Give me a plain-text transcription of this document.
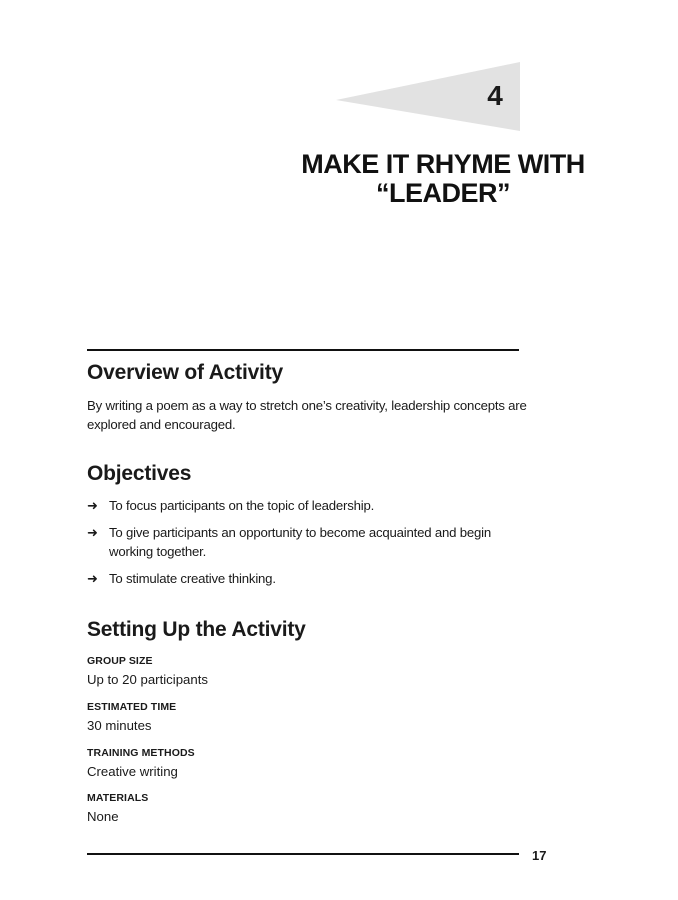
4

MAKE IT RHYME WITH “LEADER”
Overview of Activity

By writing a poem as a way to stretch one’s creativity, leadership concepts are explored and encouraged.

Objectives
➜ To focus participants on the topic of leadership.
➜ To give participants an opportunity to become acquainted and begin working together.
➜ To stimulate creative thinking.
Setting Up the Activity

GROUP SIZE

Up to 20 participants

ESTIMATED TIME

30 minutes

TRAINING METHODS

Creative writing

MATERIALS

None

17
